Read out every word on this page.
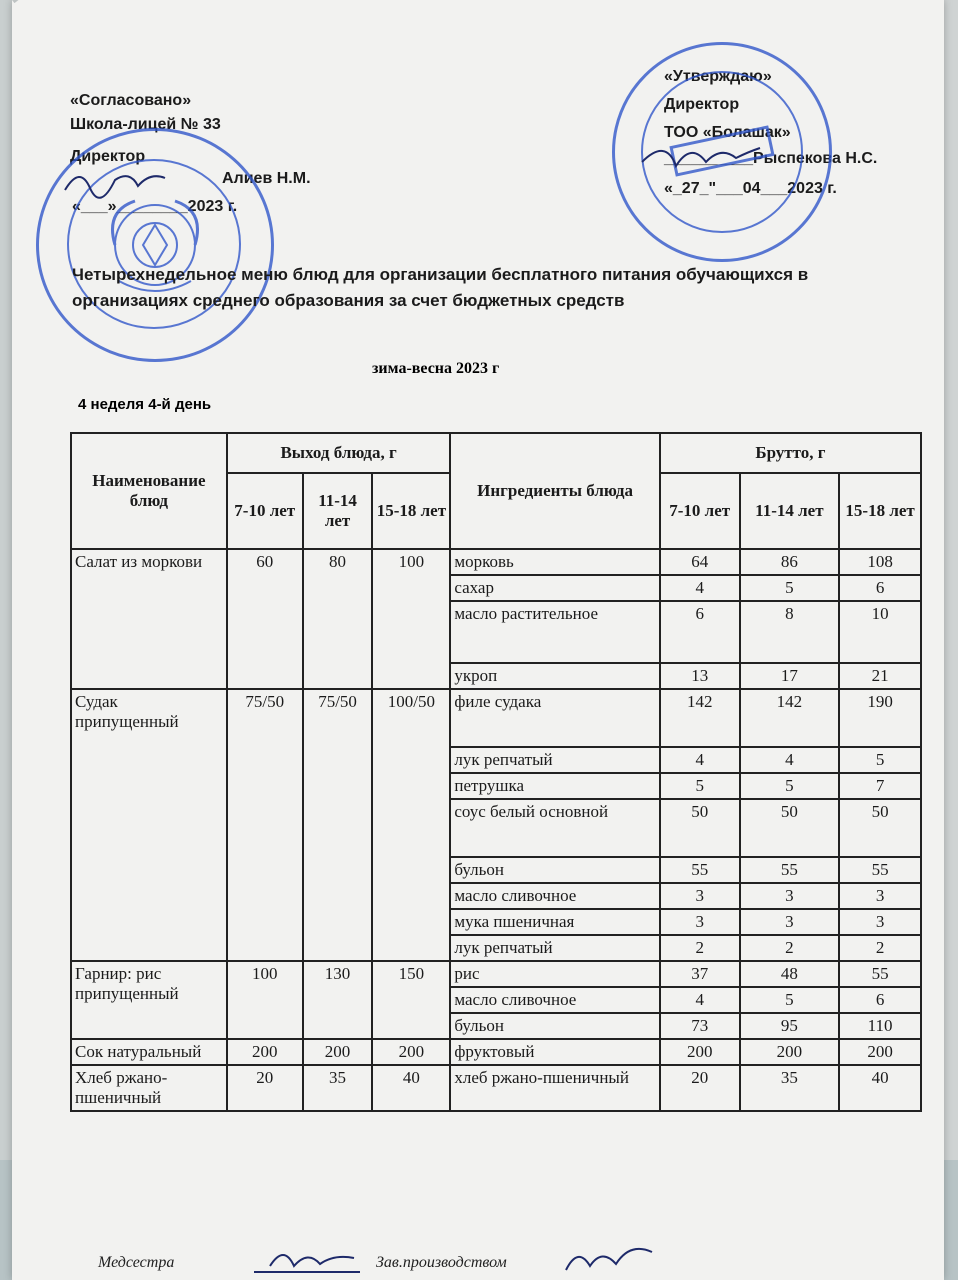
«Согласовано»
Школа-лицей № 33
Директор
Алиев Н.М.
«___»________2023 г.
«Утверждаю»
Директор
ТОО «Болашак»
__________Рыспекова Н.С.
«_27_"___04___2023 г.
Четырехнедельное меню блюд для организации бесплатного питания обучающихся в организациях среднего образования за счет бюджетных средств
зима-весна 2023 г
4 неделя 4-й день
Наименование блюд	Выход блюда, г			Ингредиенты блюда	Брутто, г		
	7-10 лет	11-14 лет	15-18 лет		7-10 лет	11-14 лет	15-18 лет
Салат из моркови	60	80	100	морковь	64	86	108
				сахар	4	5	6
				масло растительное	6	8	10
				укроп	13	17	21
Судак припущенный	75/50	75/50	100/50	филе судака	142	142	190
				лук репчатый	4	4	5
				петрушка	5	5	7
				соус белый основной	50	50	50
				бульон	55	55	55
				масло сливочное	3	3	3
				мука пшеничная	3	3	3
				лук репчатый	2	2	2
Гарнир: рис припущенный	100	130	150	рис	37	48	55
				масло сливочное	4	5	6
				бульон	73	95	110
Сок натуральный	200	200	200	фруктовый	200	200	200
Хлеб ржано-пшеничный	20	35	40	хлеб ржано-пшеничный	20	35	40
Медсестра	Зав.производством
